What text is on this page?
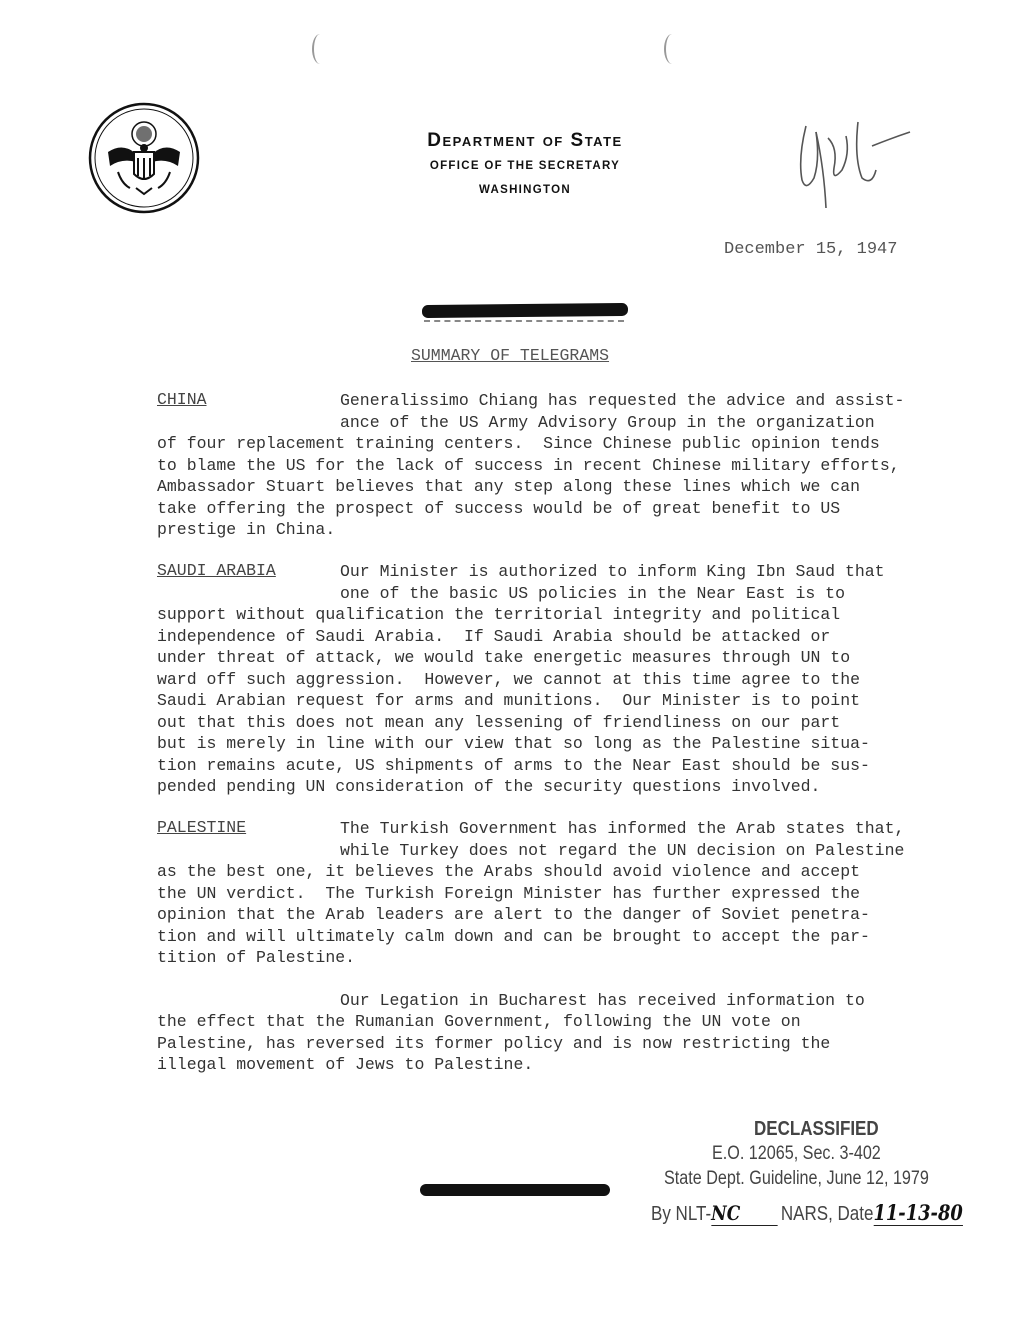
Department of State
OFFICE OF THE SECRETARY
WASHINGTON
December 15, 1947
SUMMARY OF TELEGRAMS
CHINA	Generalissimo Chiang has requested the advice and assist-

ance of the US Army Advisory Group in the organization

of four replacement training centers.  Since Chinese public opinion tends

to blame the US for the lack of success in recent Chinese military efforts,

Ambassador Stuart believes that any step along these lines which we can

take offering the prospect of success would be of great benefit to US

prestige in China.

SAUDI ARABIA	Our Minister is authorized to inform King Ibn Saud that

one of the basic US policies in the Near East is to

support without qualification the territorial integrity and political

independence of Saudi Arabia.  If Saudi Arabia should be attacked or

under threat of attack, we would take energetic measures through UN to

ward off such aggression.  However, we cannot at this time agree to the

Saudi Arabian request for arms and munitions.  Our Minister is to point

out that this does not mean any lessening of friendliness on our part

but is merely in line with our view that so long as the Palestine situa-

tion remains acute, US shipments of arms to the Near East should be sus-

pended pending UN consideration of the security questions involved.

PALESTINE	The Turkish Government has informed the Arab states that,

while Turkey does not regard the UN decision on Palestine

as the best one, it believes the Arabs should avoid violence and accept

the UN verdict.  The Turkish Foreign Minister has further expressed the

opinion that the Arab leaders are alert to the danger of Soviet penetra-

tion and will ultimately calm down and can be brought to accept the par-

tition of Palestine.

Our Legation in Bucharest has received information to

the effect that the Rumanian Government, following the UN vote on

Palestine, has reversed its former policy and is now restricting the

illegal movement of Jews to Palestine.

DECLASSIFIED
E.O. 12065, Sec. 3-402
State Dept. Guideline, June 12, 1979
By NLT-NC NARS, Date11-13-80
